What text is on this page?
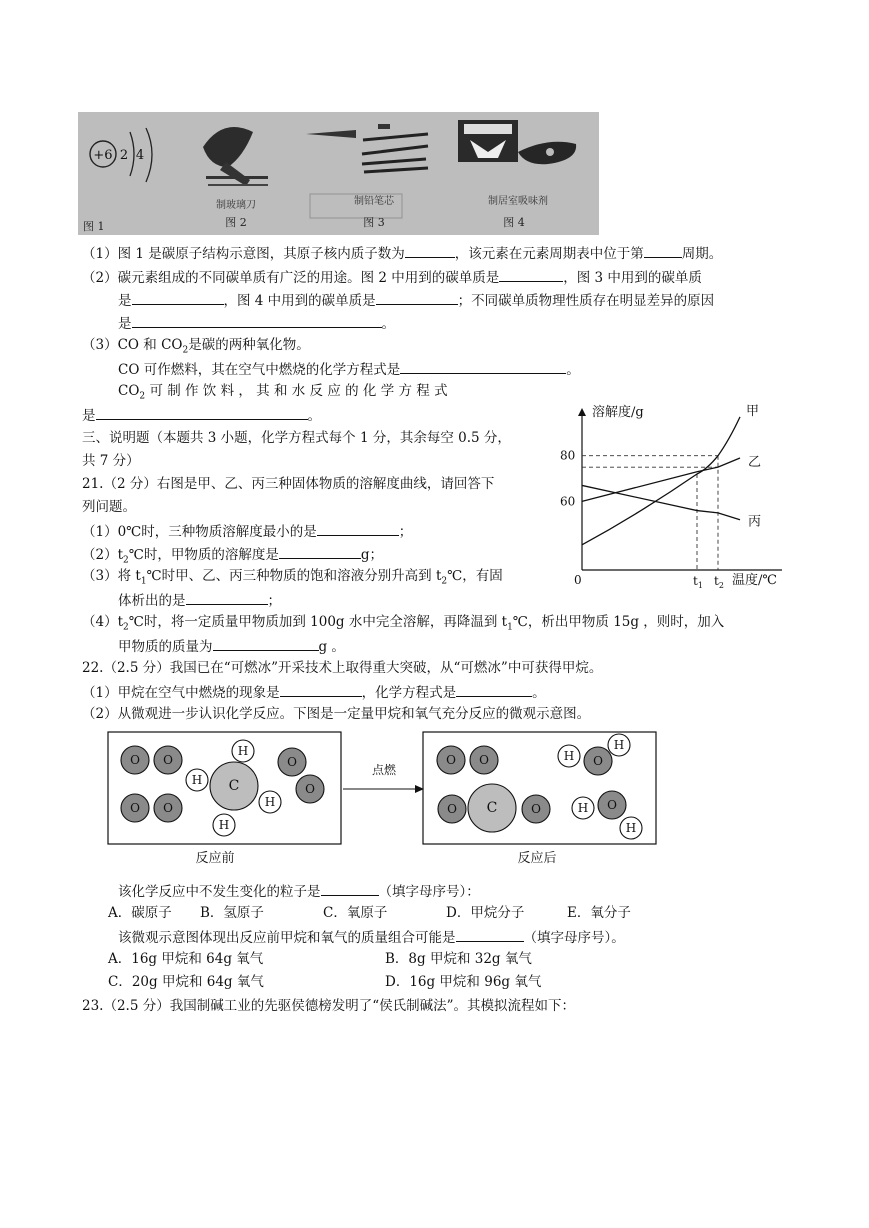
+6 2 4
图 1
制玻璃刀
图 2
制铅笔芯
图 3
制居室吸味剂
图 4
（1）图 1 是碳原子结构示意图，其原子核内质子数为	，该元素在元素周期表中位于第	周期。
（2）碳元素组成的不同碳单质有广泛的用途。图 2 中用到的碳单质是	，图 3 中用到的碳单质
是	，图 4 中用到的碳单质是	；不同碳单质物理性质存在明显差异的原因
是	。
（3）CO 和 $CO_2$是碳的两种氧化物。
CO 可作燃料，其在空气中燃烧的化学方程式是	。
$CO_2$ 可 制 作 饮 料 ， 其 和 水 反 应 的 化 学 方 程 式
是	。
三、说明题（本题共 3 小题，化学方程式每个 1 分，其余每空 0.5 分，
共 7 分）
21.（2 分）右图是甲、乙、丙三种固体物质的溶解度曲线，请回答下
列问题。
（1）0℃时，三种物质溶解度最小的是	；
$(2)t_2℃$时，甲物质的溶解度是	g；
（3）将 $t_1℃$时甲、乙、丙三种物质的饱和溶液分别升高到 $t_2℃$，有固
体析出的是	；
$(4)t_2℃$时，将一定质量甲物质加到 100g 水中完全溶解，再降温到 $t_1℃$，析出甲物质 15g ，则时，加入
甲物质的质量为	g 。
溶解度/g
0	温度/℃
60
80
$t_1$ $t_2$
甲
乙
丙
22.（2.5 分）我国已在“可燃冰”开采技术上取得重大突破，从“可燃冰”中可获得甲烷。
（1）甲烷在空气中燃烧的现象是	，化学方程式是	。
（2）从微观进一步认识化学反应。下图是一定量甲烷和氧气充分反应的微观示意图。
O O
O O
C
H
H
H
H
O
O
点燃
O O
C
O	O
O
H
H
O
H
H
反应前	反应后
该化学反应中不发生变化的粒子是	（填字母序号）：
A．碳原子 B．氢原子	C．氧原子	D．甲烷分子	E．氧分子
该微观示意图体现出反应前甲烷和氧气的质量组合可能是	（填字母序号）。
A．16g 甲烷和 64g 氧气	B．8g 甲烷和 32g 氧气
C．20g 甲烷和 64g 氧气	D．16g 甲烷和 96g 氧气
23.（2.5 分）我国制碱工业的先驱侯德榜发明了“侯氏制碱法”。其模拟流程如下：
